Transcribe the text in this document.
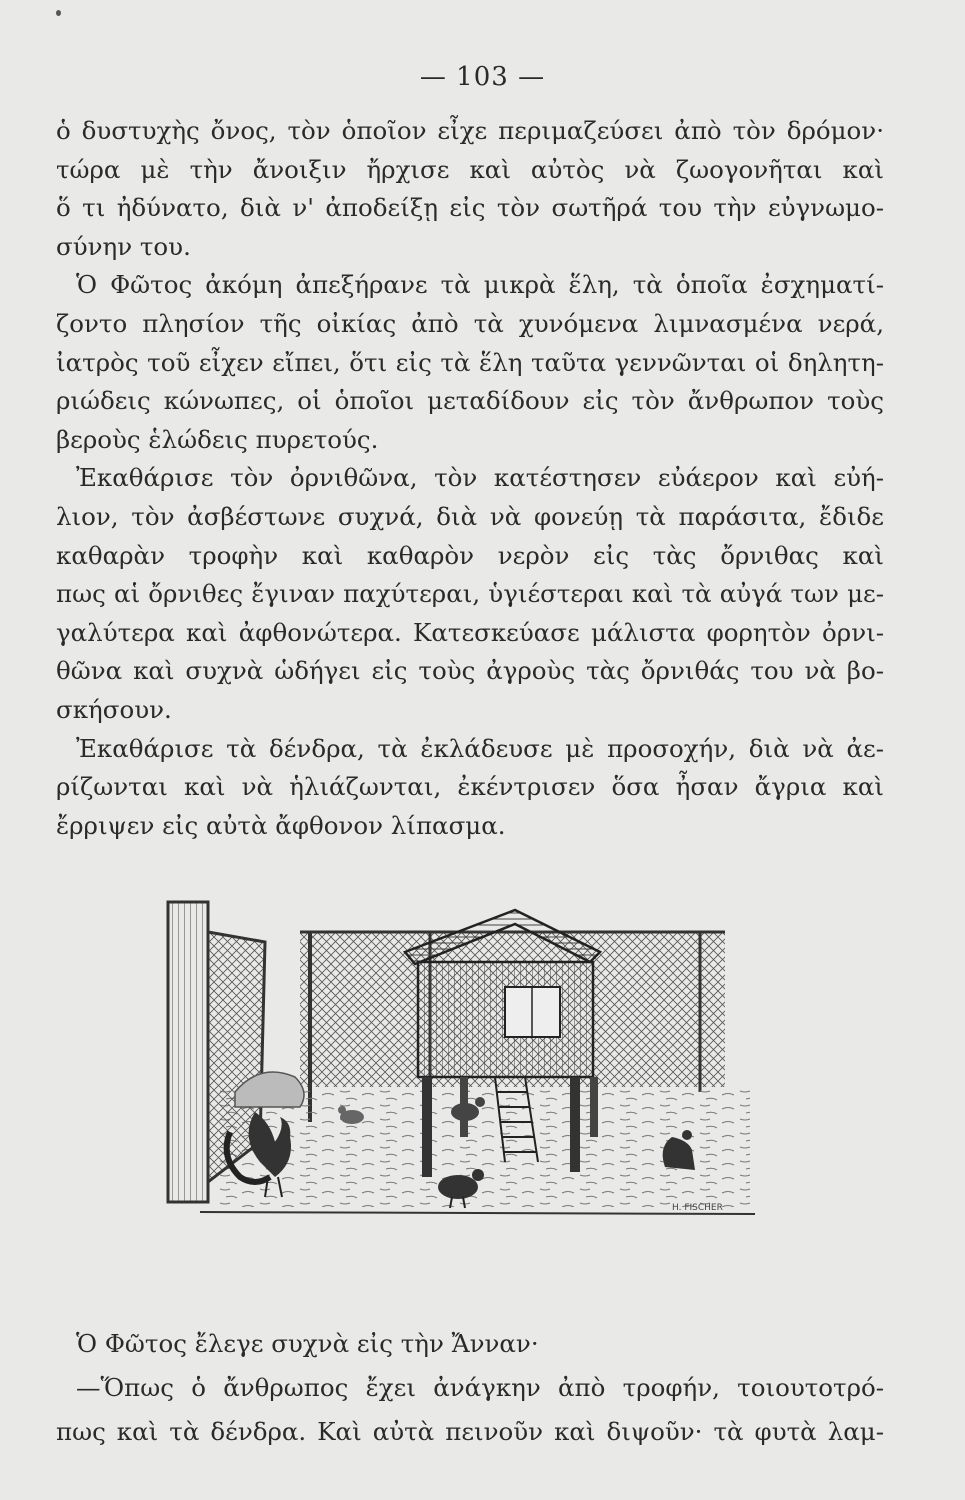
— 103 —
ὁ δυστυχὴς ὄνος, τὸν ὁποῖον εἶχε περιμαζεύσει ἀπὸ τὸν δρόμον·
τώρα μὲ τὴν ἄνοιξιν ἤρχισε καὶ αὐτὸς νὰ ζωογονῆται καὶ
ὅ τι ἠδύνατο, διὰ ν' ἀποδείξῃ εἰς τὸν σωτῆρά του τὴν εὐγνωμο-
σύνην του.
Ὁ Φῶτος ἀκόμη ἀπεξήρανε τὰ μικρὰ ἕλη, τὰ ὁποῖα ἐσχηματί-
ζοντο πλησίον τῆς οἰκίας ἀπὸ τὰ χυνόμενα λιμνασμένα νερά,
ἰατρὸς τοῦ εἶχεν εἴπει, ὅτι εἰς τὰ ἕλη ταῦτα γεννῶνται οἱ δηλητη-
ριώδεις κώνωπες, οἱ ὁποῖοι μεταδίδουν εἰς τὸν ἄνθρωπον τοὺς
βεροὺς ἑλώδεις πυρετούς.
Ἐκαθάρισε τὸν ὀρνιθῶνα, τὸν κατέστησεν εὐάερον καὶ εὐή-
λιον, τὸν ἀσβέστωνε συχνά, διὰ νὰ φονεύῃ τὰ παράσιτα, ἔδιδε
καθαρὰν τροφὴν καὶ καθαρὸν νερὸν εἰς τὰς ὄρνιθας καὶ
πως αἱ ὄρνιθες ἔγιναν παχύτεραι, ὑγιέστεραι καὶ τὰ αὐγά των με-
γαλύτερα καὶ ἀφθονώτερα. Κατεσκεύασε μάλιστα φορητὸν ὀρνι-
θῶνα καὶ συχνὰ ὡδήγει εἰς τοὺς ἀγροὺς τὰς ὄρνιθάς του νὰ βο-
σκήσουν.
Ἐκαθάρισε τὰ δένδρα, τὰ ἐκλάδευσε μὲ προσοχήν, διὰ νὰ ἀε-
ρίζωνται καὶ νὰ ἡλιάζωνται, ἐκέντρισεν ὅσα ἦσαν ἄγρια καὶ
ἔρριψεν εἰς αὐτὰ ἄφθονον λίπασμα.
H. FISCHER
Ὁ Φῶτος ἔλεγε συχνὰ εἰς τὴν Ἄνναν·
—Ὅπως ὁ ἄνθρωπος ἔχει ἀνάγκην ἀπὸ τροφήν, τοιουτοτρό-
πως καὶ τὰ δένδρα. Καὶ αὐτὰ πεινοῦν καὶ διψοῦν· τὰ φυτὰ λαμ-
